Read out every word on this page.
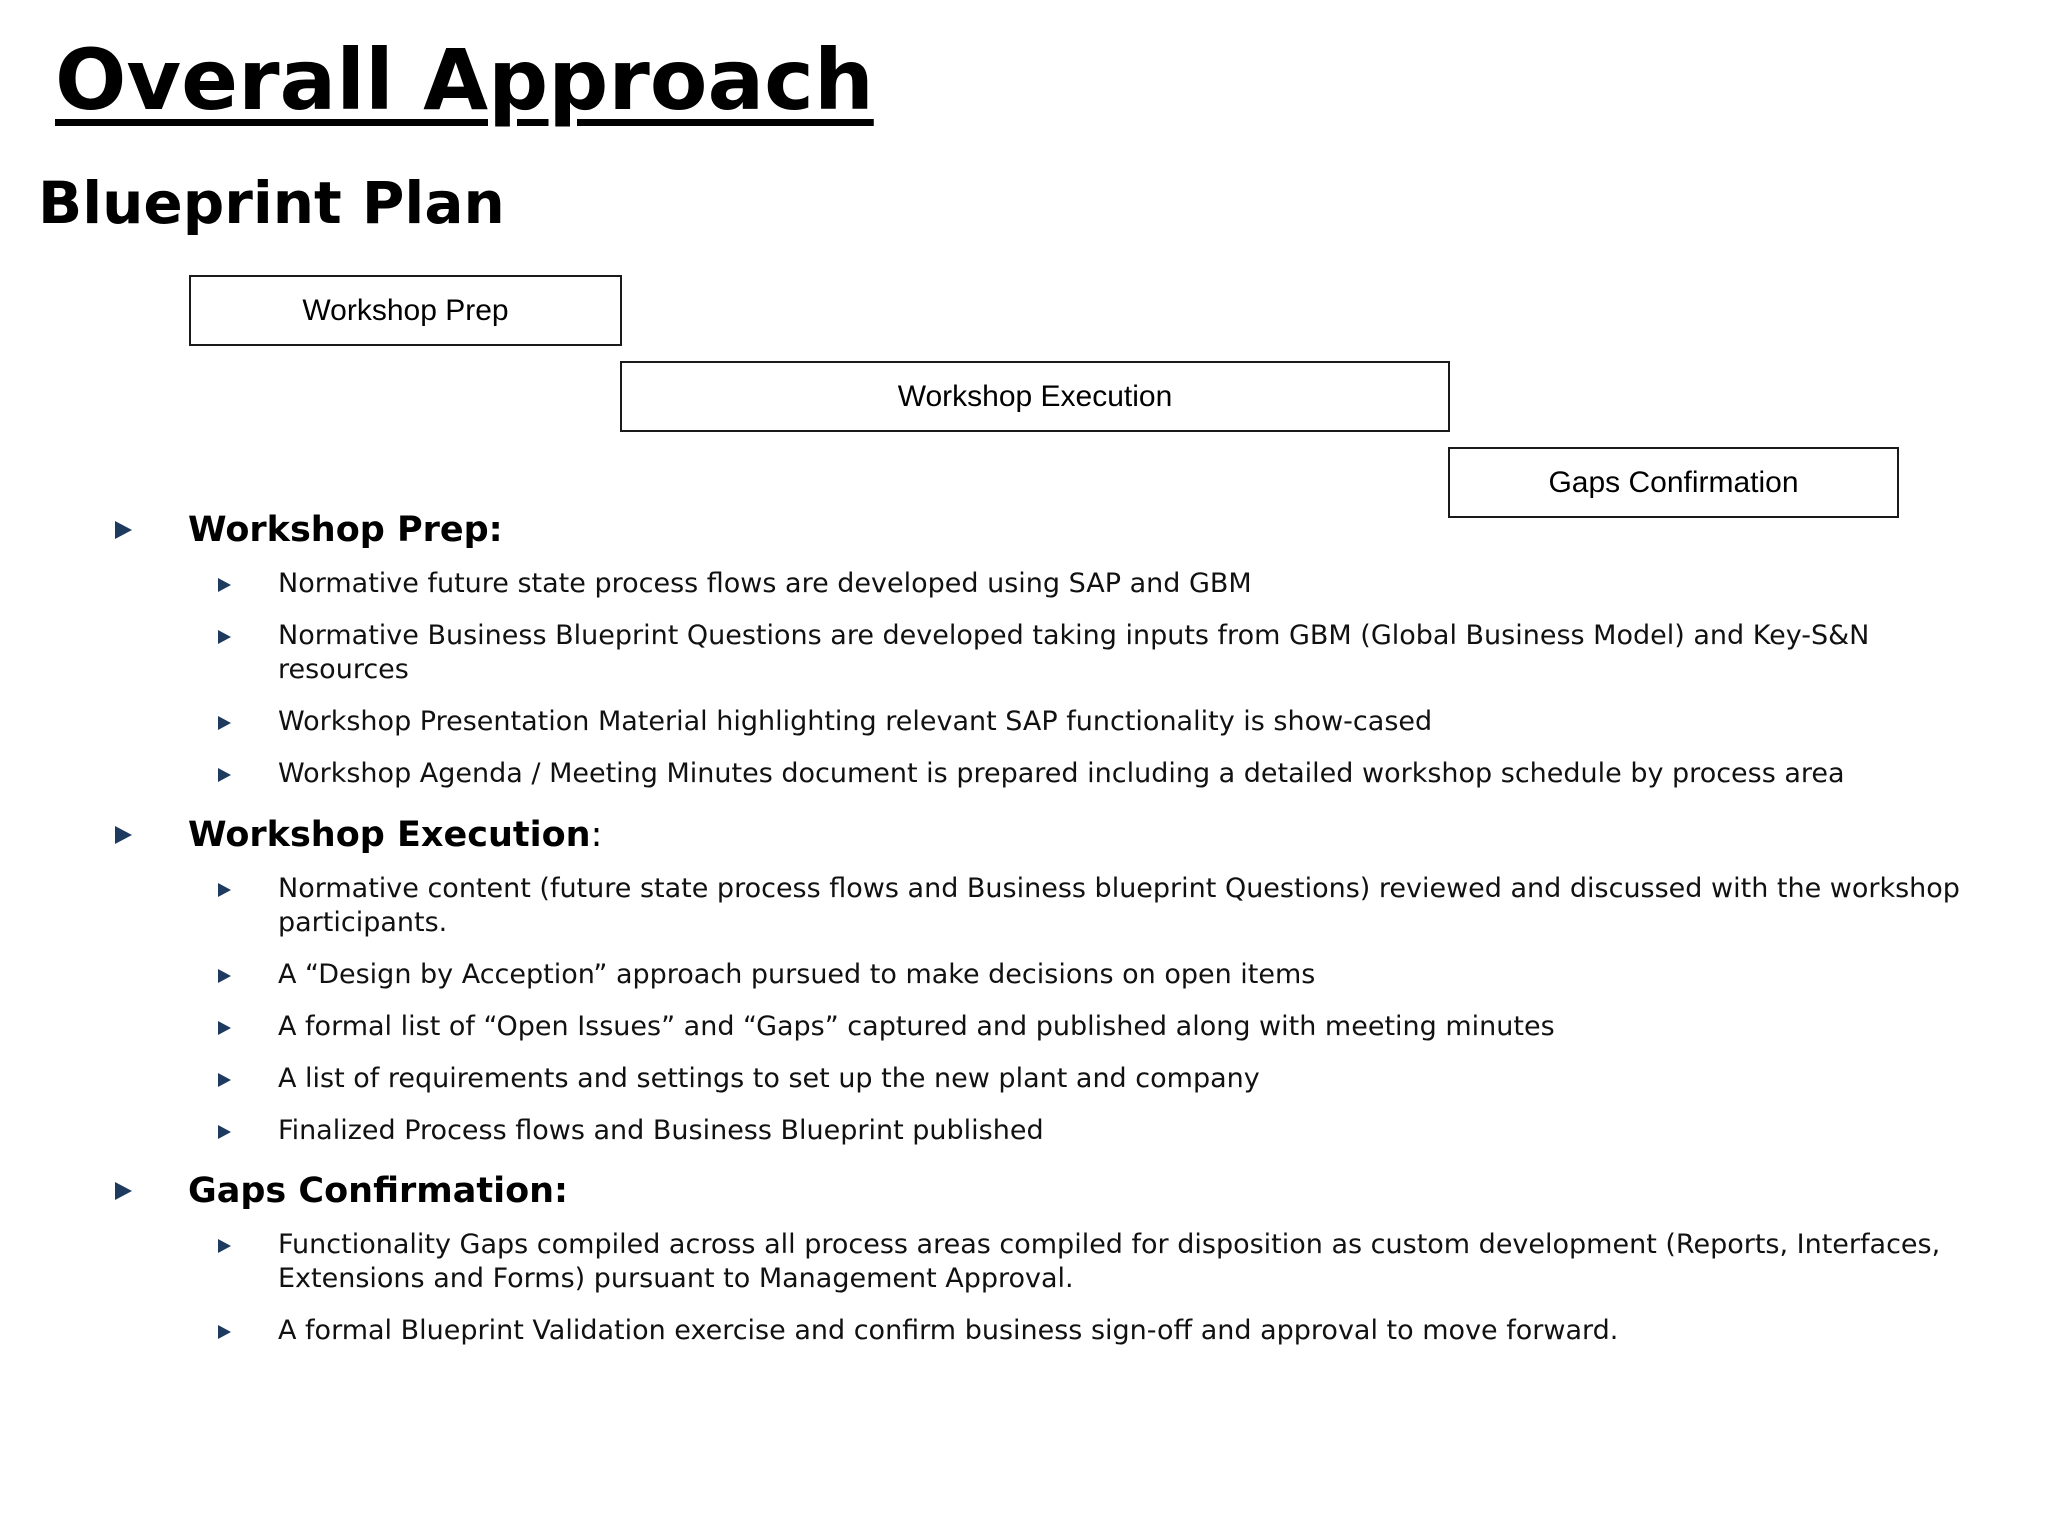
Overall Approach
Blueprint Plan
Workshop Prep
Workshop Execution
Gaps Confirmation
Workshop Prep:
Normative future state process flows are developed using SAP and GBM
Normative Business Blueprint Questions are developed taking inputs from GBM (Global Business Model) and Key-S&N resources
Workshop Presentation Material highlighting relevant SAP functionality is show-cased
Workshop Agenda / Meeting Minutes document is prepared including a detailed workshop schedule by process area
Workshop Execution :
Normative content (future state process flows and Business blueprint Questions) reviewed and discussed with the workshop participants.
A “Design by Acception” approach pursued to make decisions on open items
A formal list of “Open Issues” and “Gaps” captured and published along with meeting minutes
A list of requirements and settings to set up the new plant and company
Finalized Process flows and Business Blueprint published
Gaps Confirmation:
Functionality Gaps compiled across all process areas compiled for disposition as custom development (Reports, Interfaces, Extensions and Forms) pursuant to Management Approval.
A formal Blueprint Validation exercise and confirm business sign-off and approval to move forward.
